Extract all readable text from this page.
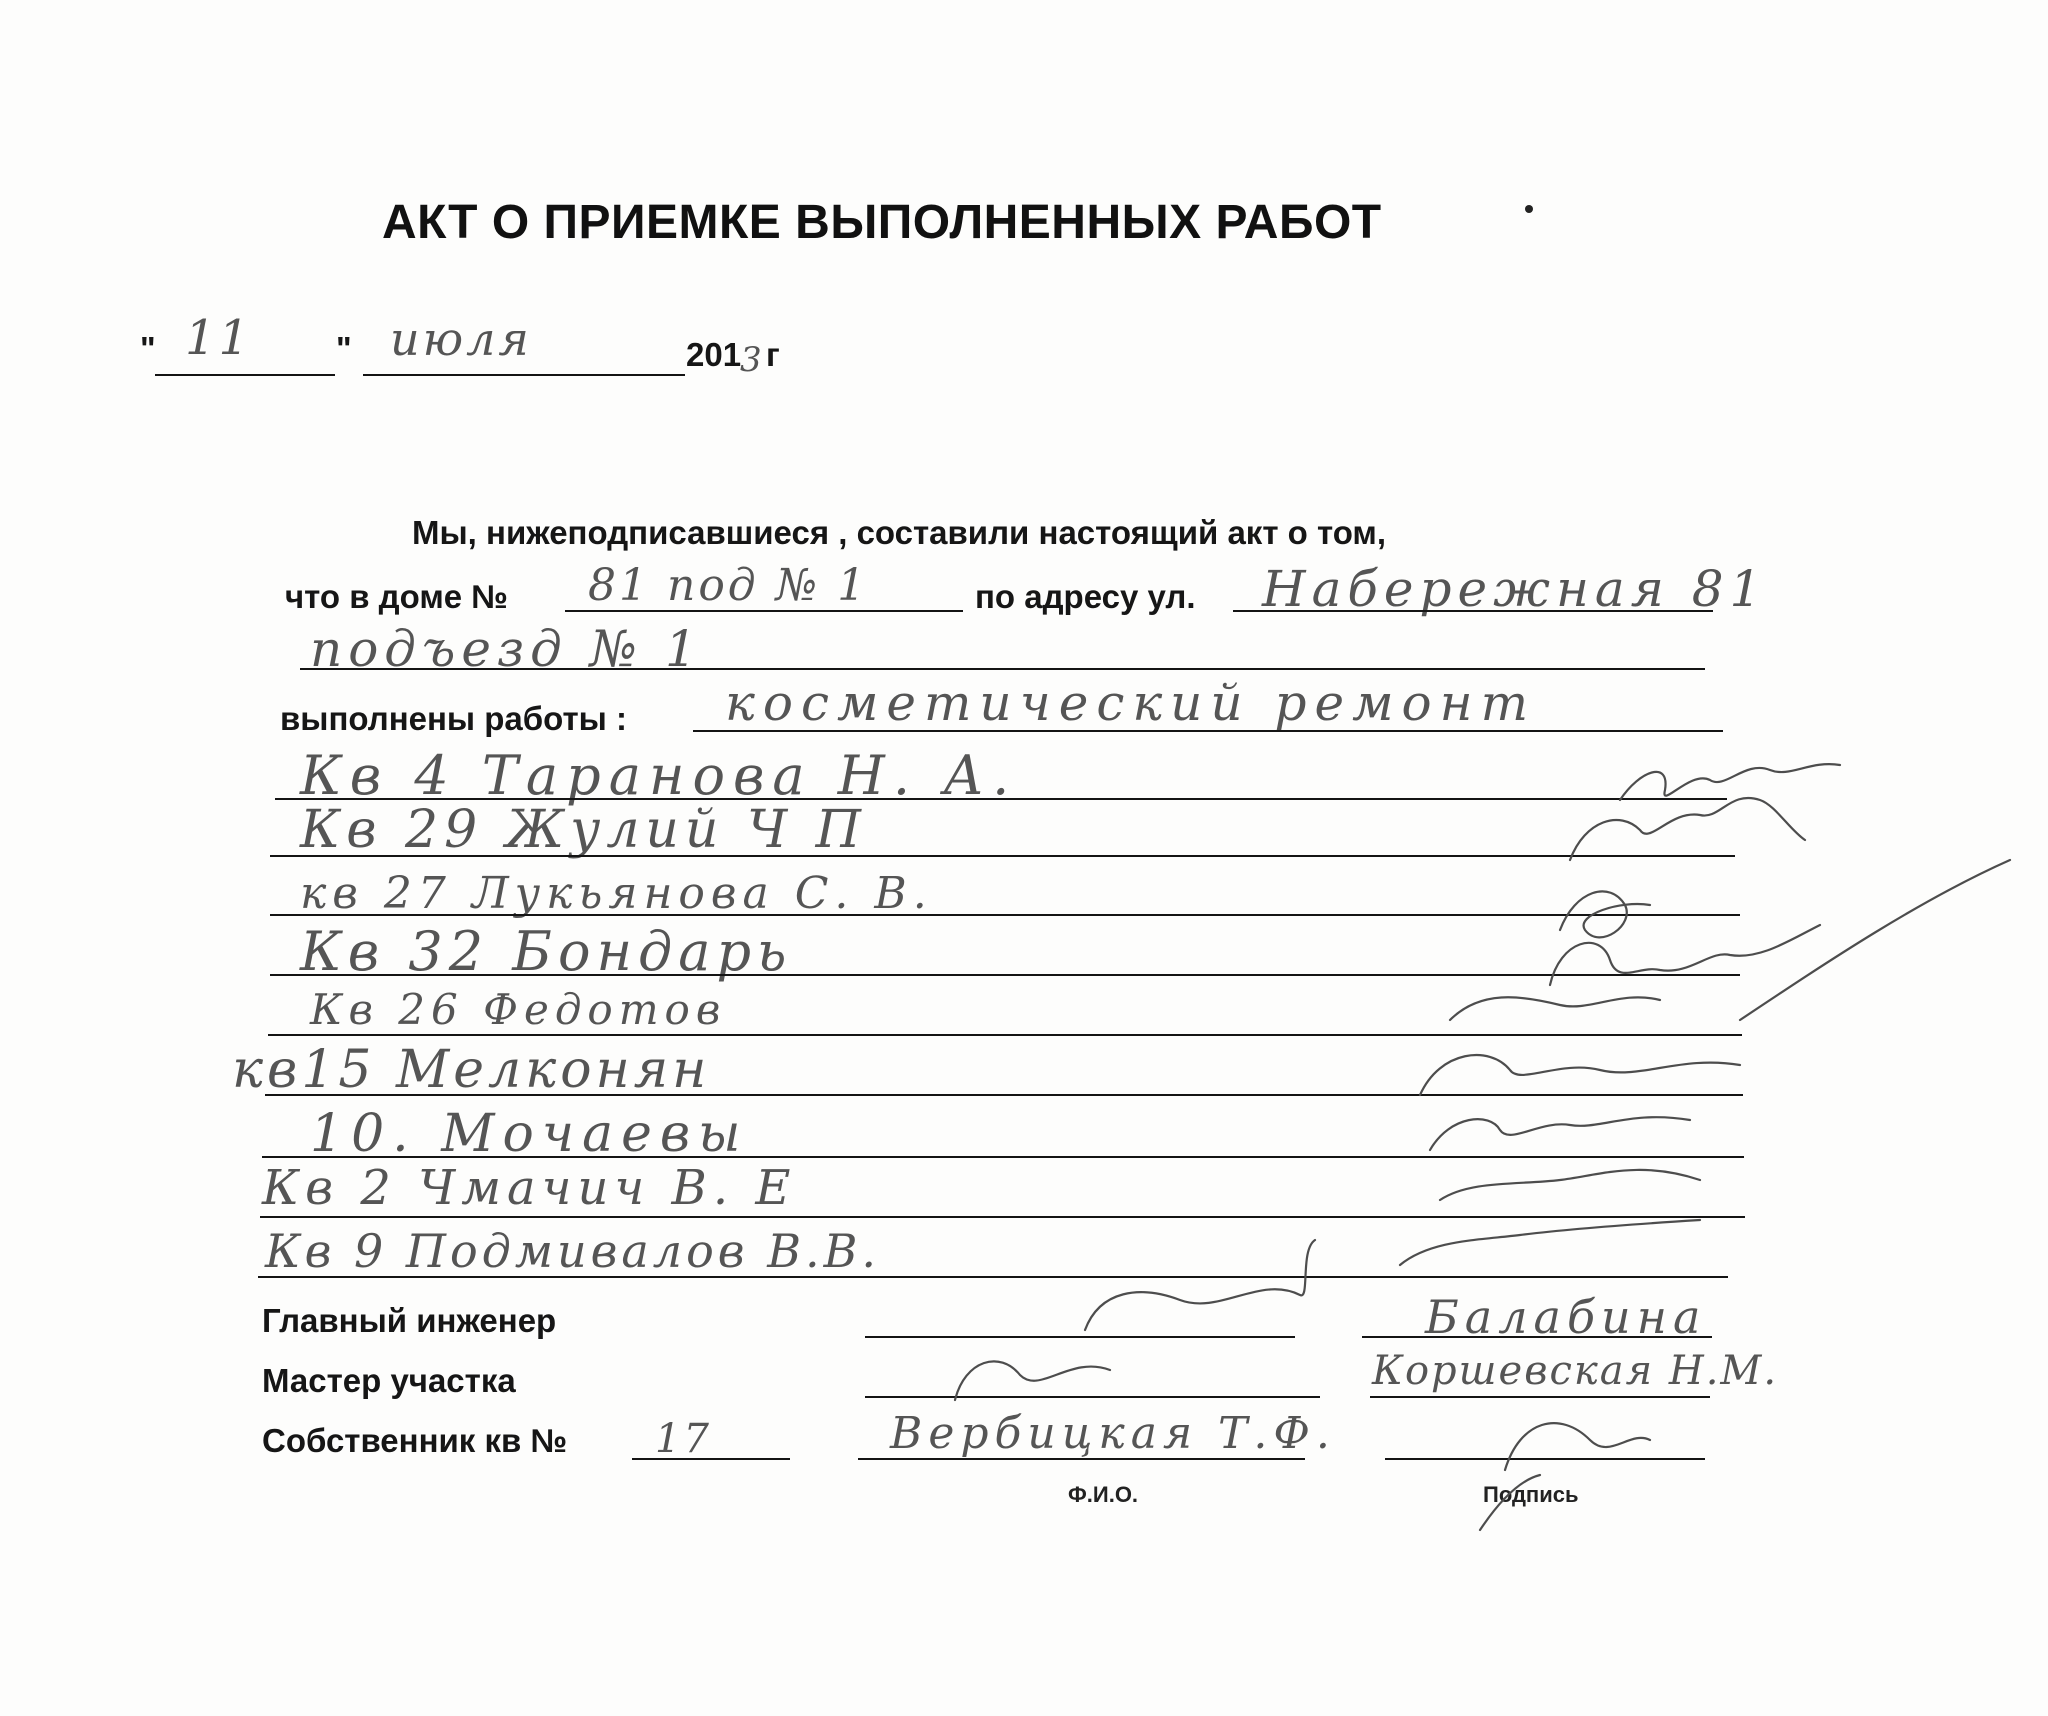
АКТ О ПРИЕМКЕ ВЫПОЛНЕННЫХ РАБОТ
" 11	" июля	201
3 г
Мы, нижеподписавшиеся , составили настоящий акт о том,
что в доме № 81 под № 1	по адресу ул. Набережная 81
подъезд № 1
выполнены работы : косметический ремонт
Кв 4 Таранова Н. А.
Кв 29 Жулий Ч П
кв 27 Лукьянова С. В.
Кв 32 Бондарь
Кв 26 Федотов
кв15 Мелконян
10. Мочаевы
Кв 2 Чмачич В. Е
Кв 9 Подмивалов В.В.
Главный инженер	Балабина
Мастер участка	Коршевская Н.М.
Собственник кв № 17	Вербицкая Т.Ф.
Ф.И.О.	Подпись
